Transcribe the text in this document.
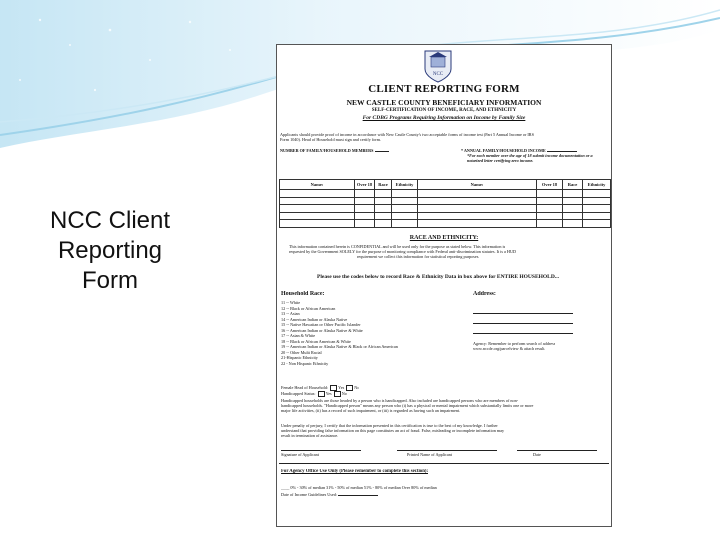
NCC Client Reporting Form
NCC
CLIENT REPORTING FORM
NEW CASTLE COUNTY BENEFICIARY INFORMATION
SELF-CERTIFICATION OF INCOME, RACE, AND ETHNICITY
For CDBG Programs Requiring Information on Income by Family Size
Applicants should provide proof of income in accordance with New Castle County's two acceptable forms of income test (Part 5 Annual Income or IRS
Form 1040). Head of Household must sign and certify form.
NUMBER OF FAMILY/HOUSEHOLD MEMBERS	* ANNUAL FAMILY/HOUSEHOLD INCOME
*For each member over the age of 18 submit income documentation or a notarized letter certifying zero income.
Name:	Over 18	Race	Ethnicity	Name:	Over 18	Race	Ethnicity

RACE AND ETHNICITY:
This information contained herein is CONFIDENTIAL and will be used only for the purpose as stated below. This information is
requested by the Government SOLELY for the purpose of monitoring compliance with Federal anti-discrimination statutes. It is a HUD
requirement we collect this information for statistical reporting purposes.
Please use the codes below to record Race & Ethnicity Data in box above for ENTIRE HOUSEHOLD...
Household Race:	Address:
11 -- White
12 -- Black or African American
13 -- Asian
14 -- American Indian or Alaska Native
15 -- Native Hawaiian or Other Pacific Islander
16 -- American Indian or Alaska Native & White
17 -- Asian & White
18 -- Black or African American & White
19 -- American Indian or Alaska Native & Black or African American
20 -- Other Multi Racial
21-Hispanic Ethnicity
22 - Non Hispanic Ethnicity
Agency: Remember to perform search of address
www.nccde.org/parcelview & attach result.
Female Head of Household: Yes No
Handicapped Status: Yes No
Handicapped households are those headed by a person who is handicapped. Also included are handicapped persons who are members of non-
handicapped households. "Handicapped person" means any person who (i) has a physical or mental impairment which substantially limits one or more
major life activities, (ii) has a record of such impairment, or (iii) is regarded as having such an impairment.
Under penalty of perjury, I certify that the information presented in this certification is true to the best of my knowledge. I further
understand that providing false information on this page constitutes an act of fraud. False, misleading or incomplete information may
result in termination of assistance.
Signature of Applicant	Printed Name of Applicant	Date
For Agency Office Use Only (Please remember to complete this section):
____ 0% - 30% of median 31% - 50% of median 51% - 80% of median Over 80% of median
Date of Income Guidelines Used:
